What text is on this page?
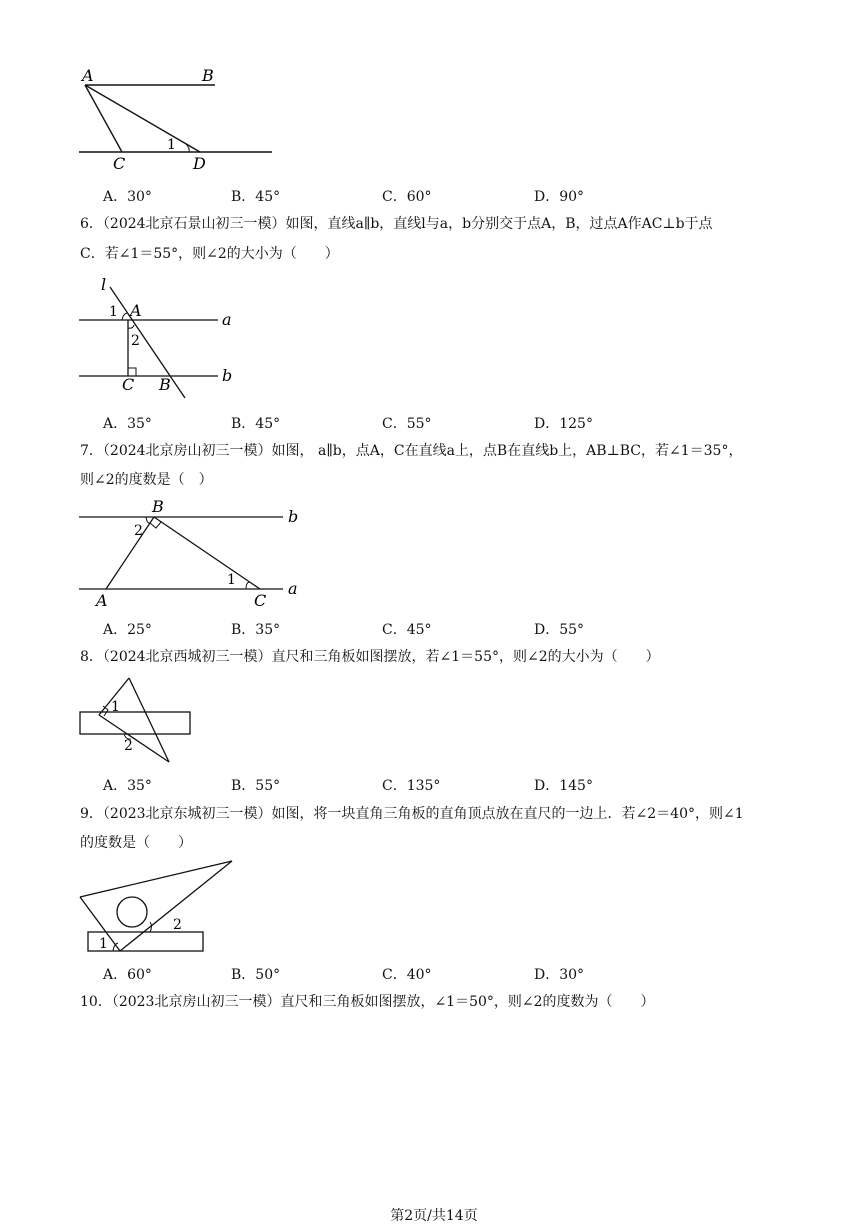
A	B
C	D
1
A．30°	B．45°	C．60°	D．90°
6．（2024北京石景山初三一模）如图，直线a∥b，直线l与a，b分别交于点A，B，过点A作AC⊥b于点
C．若∠1＝55°，则∠2的大小为（　　）
l
a
b
A
B
C
1
2
A．35°	B．45°	C．55°	D．125°
7．（2024北京房山初三一模）如图， a∥b，点A，C在直线a上，点B在直线b上，AB⊥BC，若∠1＝35°，
则∠2的度数是（　）
b
a
B
A	C
1
2
A．25°	B．35°	C．45°	D．55°
8．（2024北京西城初三一模）直尺和三角板如图摆放，若∠1＝55°，则∠2的大小为（　　）
1
2
A．35°	B．55°	C．135°	D．145°
9．（2023北京东城初三一模）如图，将一块直角三角板的直角顶点放在直尺的一边上．若∠2＝40°，则∠1
的度数是（　　）
1
2
A．60°	B．50°	C．40°	D．30°
10．（2023北京房山初三一模）直尺和三角板如图摆放，∠1＝50°，则∠2的度数为（　　）
第2页/共14页
